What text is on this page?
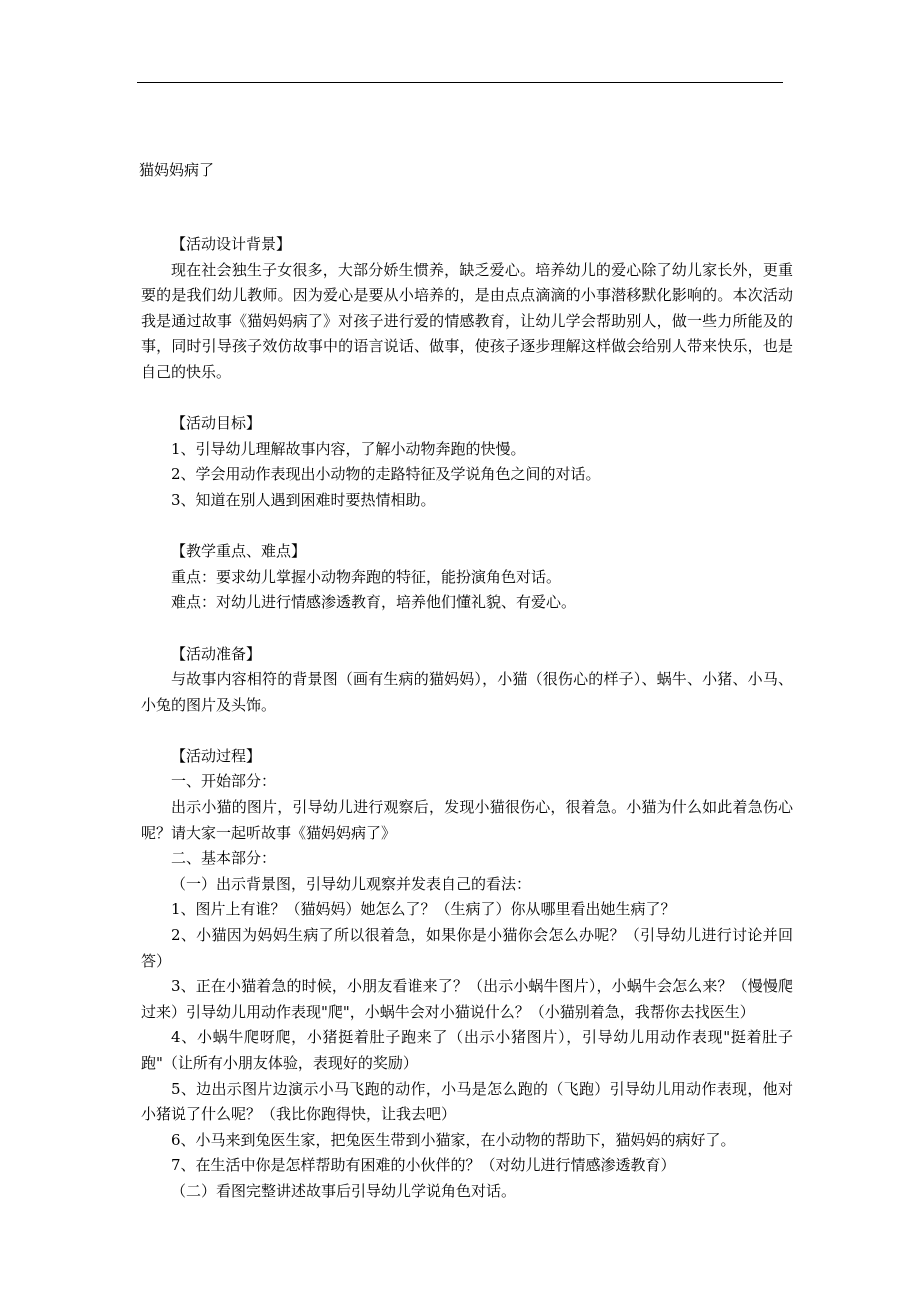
猫妈妈病了

【活动设计背景】

现在社会独生子女很多，大部分娇生惯养，缺乏爱心。培养幼儿的爱心除了幼儿家长外，更重要的是我们幼儿教师。因为爱心是要从小培养的，是由点点滴滴的小事潜移默化影响的。本次活动我是通过故事《猫妈妈病了》对孩子进行爱的情感教育，让幼儿学会帮助别人，做一些力所能及的事，同时引导孩子效仿故事中的语言说话、做事，使孩子逐步理解这样做会给别人带来快乐，也是自己的快乐。

【活动目标】

1、引导幼儿理解故事内容，了解小动物奔跑的快慢。

2、学会用动作表现出小动物的走路特征及学说角色之间的对话。

3、知道在别人遇到困难时要热情相助。

【教学重点、难点】

重点：要求幼儿掌握小动物奔跑的特征，能扮演角色对话。

难点：对幼儿进行情感渗透教育，培养他们懂礼貌、有爱心。

【活动准备】

与故事内容相符的背景图（画有生病的猫妈妈），小猫（很伤心的样子）、蜗牛、小猪、小马、小兔的图片及头饰。

【活动过程】

一、开始部分：

出示小猫的图片，引导幼儿进行观察后，发现小猫很伤心，很着急。小猫为什么如此着急伤心呢？请大家一起听故事《猫妈妈病了》

二、基本部分：

（一）出示背景图，引导幼儿观察并发表自己的看法：

1、图片上有谁？（猫妈妈）她怎么了？（生病了）你从哪里看出她生病了？

2、小猫因为妈妈生病了所以很着急，如果你是小猫你会怎么办呢？（引导幼儿进行讨论并回答）

3、正在小猫着急的时候，小朋友看谁来了？（出示小蜗牛图片），小蜗牛会怎么来？（慢慢爬过来）引导幼儿用动作表现"爬"，小蜗牛会对小猫说什么？（小猫别着急，我帮你去找医生）

4、小蜗牛爬呀爬，小猪挺着肚子跑来了（出示小猪图片），引导幼儿用动作表现"挺着肚子跑"（让所有小朋友体验，表现好的奖励）

5、边出示图片边演示小马飞跑的动作，小马是怎么跑的（飞跑）引导幼儿用动作表现，他对小猪说了什么呢？（我比你跑得快，让我去吧）

6、小马来到兔医生家，把兔医生带到小猫家，在小动物的帮助下，猫妈妈的病好了。

7、在生活中你是怎样帮助有困难的小伙伴的？（对幼儿进行情感渗透教育）

（二）看图完整讲述故事后引导幼儿学说角色对话。
